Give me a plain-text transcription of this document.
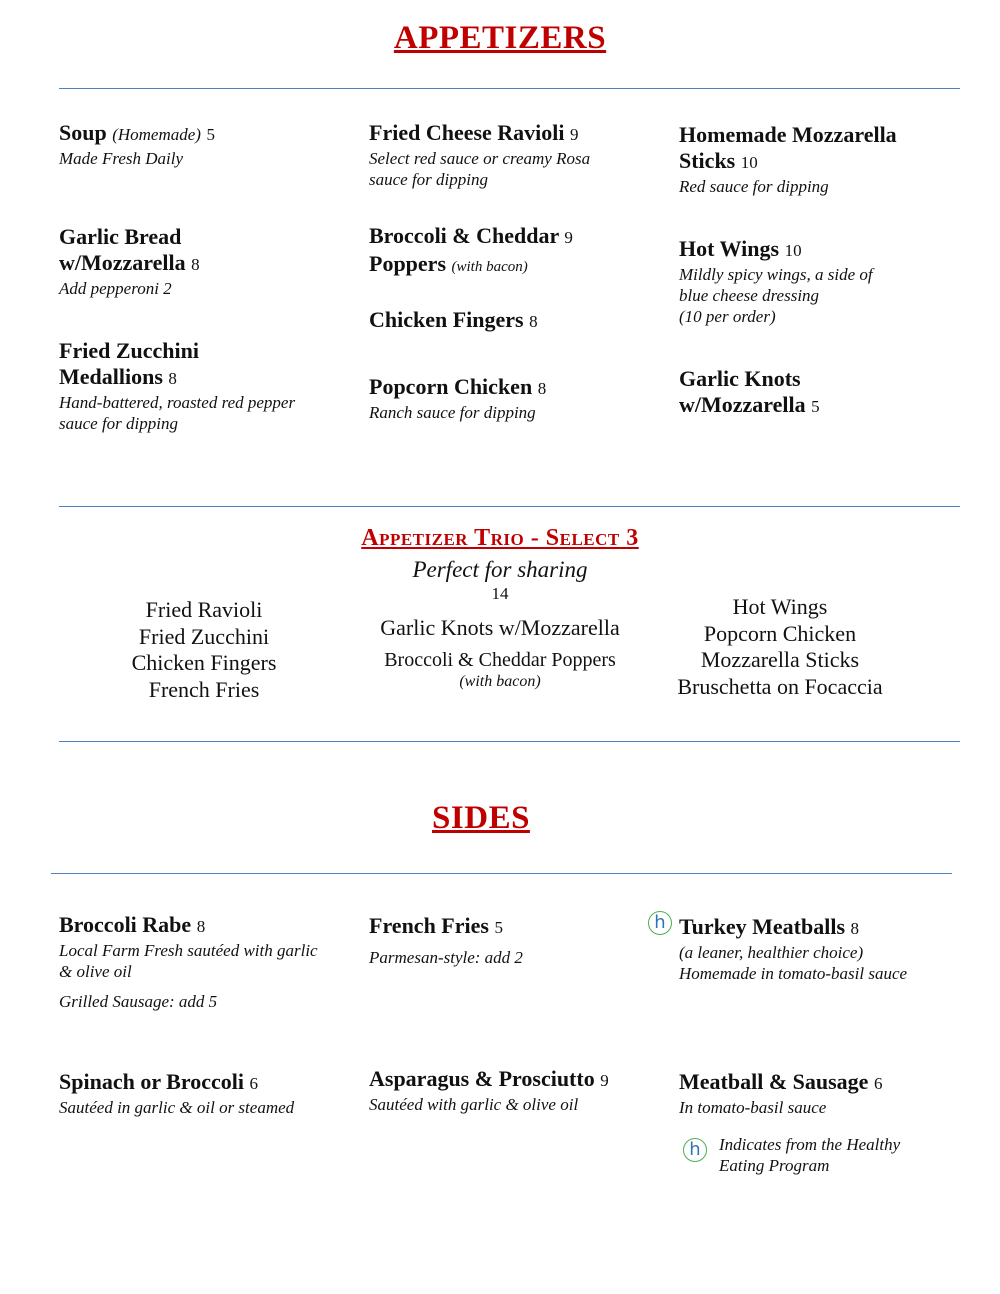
APPETIZERS
Soup (Homemade) 5
Made Fresh Daily
Garlic Bread
w/Mozzarella 8
Add pepperoni 2
Fried Zucchini
Medallions 8
Hand-battered, roasted red pepper sauce for dipping
Fried Cheese Ravioli 9
Select red sauce or creamy Rosa sauce for dipping
Broccoli & Cheddar 9
Poppers (with bacon)
Chicken Fingers 8
Popcorn Chicken 8
Ranch sauce for dipping
Homemade Mozzarella
Sticks 10
Red sauce for dipping
Hot Wings 10
Mildly spicy wings, a side of
blue cheese dressing
(10 per order)
Garlic Knots
w/Mozzarella 5
Appetizer Trio - Select 3
Perfect for sharing
14
Fried Ravioli
Fried Zucchini
Chicken Fingers
French Fries
Garlic Knots w/Mozzarella
Broccoli & Cheddar Poppers
(with bacon)
Hot Wings
Popcorn Chicken
Mozzarella Sticks
Bruschetta on Focaccia
SIDES
Broccoli Rabe 8
Local Farm Fresh sautéed with garlic & olive oil
Grilled Sausage: add 5
Spinach or Broccoli 6
Sautéed in garlic & oil or steamed
French Fries 5
Parmesan-style: add 2
Asparagus & Prosciutto 9
Sautéed with garlic & olive oil
h Turkey Meatballs 8
(a leaner, healthier choice)
Homemade in tomato-basil sauce
Meatball & Sausage 6
In tomato-basil sauce
h	Indicates from the Healthy Eating Program
